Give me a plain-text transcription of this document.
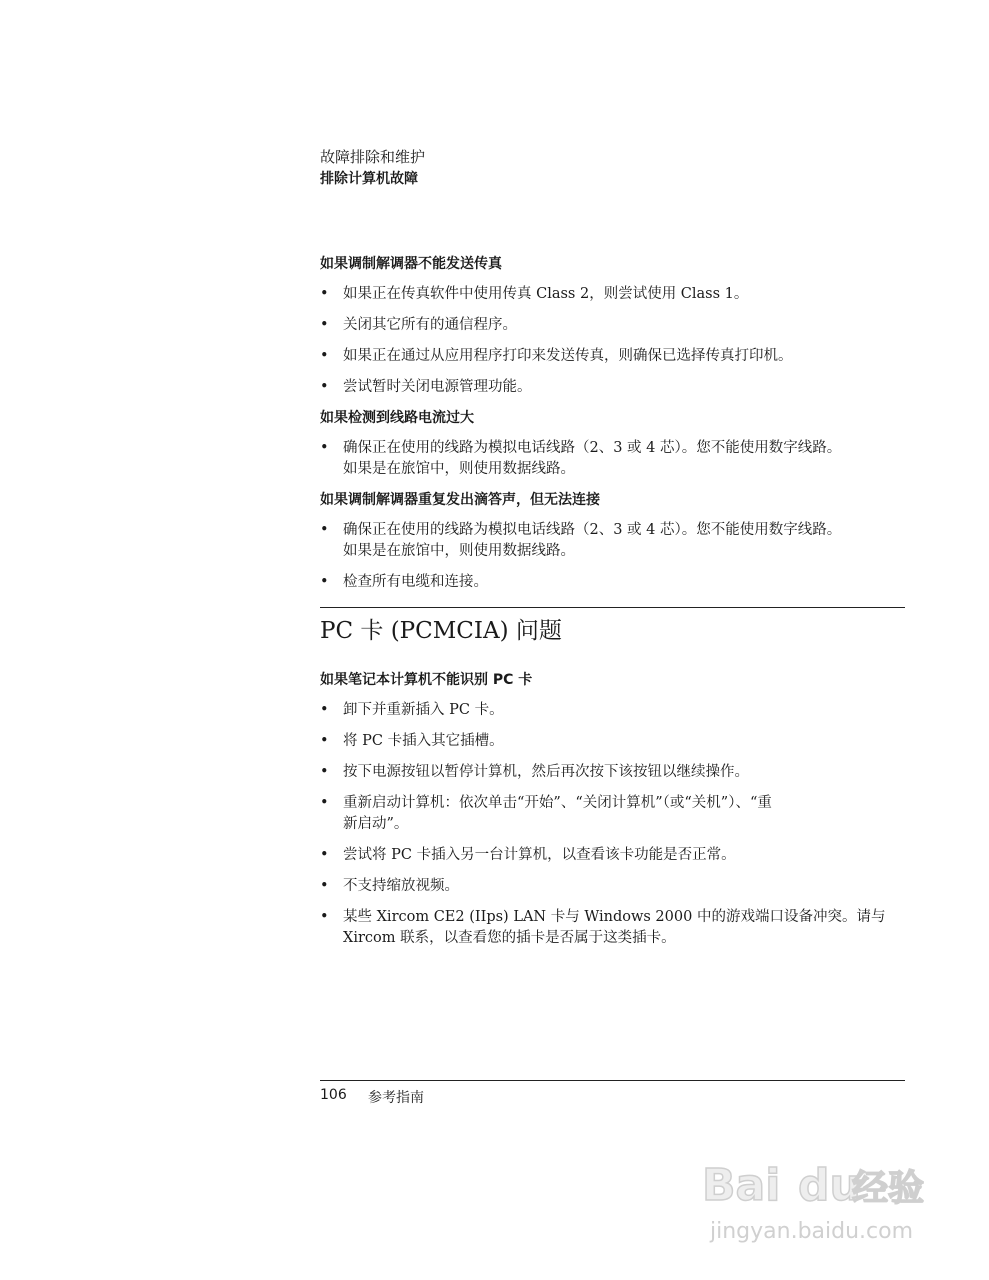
故障排除和维护
排除计算机故障
如果调制解调器不能发送传真
• 如果正在传真软件中使用传真 Class 2，则尝试使用 Class 1。
• 关闭其它所有的通信程序。
• 如果正在通过从应用程序打印来发送传真，则确保已选择传真打印机。
• 尝试暂时关闭电源管理功能。
如果检测到线路电流过大
• 确保正在使用的线路为模拟电话线路（2、3 或 4 芯）。您不能使用数字线路。
如果是在旅馆中，则使用数据线路。
如果调制解调器重复发出滴答声，但无法连接
• 确保正在使用的线路为模拟电话线路（2、3 或 4 芯）。您不能使用数字线路。
如果是在旅馆中，则使用数据线路。
• 检查所有电缆和连接。
PC 卡 (PCMCIA) 问题
如果笔记本计算机不能识别 PC 卡
• 卸下并重新插入 PC 卡。
• 将 PC 卡插入其它插槽。
• 按下电源按钮以暂停计算机，然后再次按下该按钮以继续操作。
• 重新启动计算机：依次单击“开始”、“关闭计算机”（或“关机”）、“重
新启动”。
• 尝试将 PC 卡插入另一台计算机，以查看该卡功能是否正常。
• 不支持缩放视频。
• 某些 Xircom CE2 (IIps) LAN 卡与 Windows 2000 中的游戏端口设备冲突。请与
Xircom 联系，以查看您的插卡是否属于这类插卡。
106 参考指南
Bai du
经验
jingyan.baidu.com
